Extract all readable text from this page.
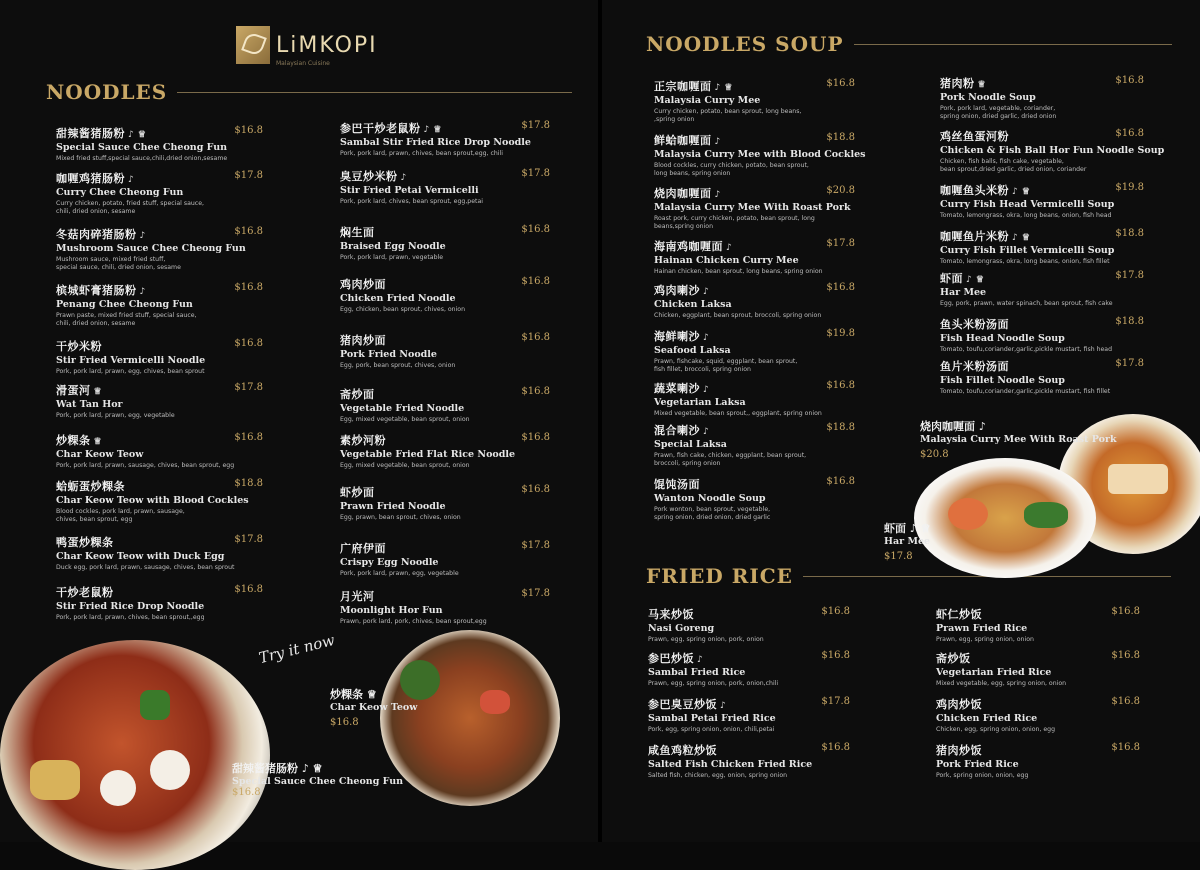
LiMKOPI
Malaysian Cuisine
NOODLES
NOODLES SOUP
FRIED RICE
Try it now
甜辣酱猪肠粉 ♪ ♕
Special Sauce Chee Cheong Fun
$16.8
炒粿条 ♕
Char Keow Teow
$16.8
烧肉咖喱面 ♪
Malaysia Curry Mee With Roast Pork
$20.8
虾面 ♪ ♕
Har Mee
$17.8
甜辣酱猪肠粉 ♪ ♕
Special Sauce Chee Cheong Fun
Mixed fried stuff,special sauce,chili,dried onion,sesame
$16.8
咖喱鸡猪肠粉 ♪
Curry Chee Cheong Fun
Curry chicken, potato, fried stuff, special sauce,
chili, dried onion, sesame
$17.8
冬菇肉碎猪肠粉 ♪
Mushroom Sauce Chee Cheong Fun
Mushroom sauce, mixed fried stuff,
special sauce, chili, dried onion, sesame
$16.8
槟城虾膏猪肠粉 ♪
Penang Chee Cheong Fun
Prawn paste, mixed fried stuff, special sauce,
chili, dried onion, sesame
$16.8
干炒米粉
Stir Fried Vermicelli Noodle
Pork, pork lard, prawn, egg, chives, bean sprout
$16.8
滑蛋河 ♕
Wat Tan Hor
Pork, pork lard, prawn, egg, vegetable
$17.8
炒粿条 ♕
Char Keow Teow
Pork, pork lard, prawn, sausage, chives, bean sprout, egg
$16.8
蛤蛎蛋炒粿条
Char Keow Teow with Blood Cockles
Blood cockles, pork lard, prawn, sausage,
chives, bean sprout, egg
$18.8
鸭蛋炒粿条
Char Keow Teow with Duck Egg
Duck egg, pork lard, prawn, sausage, chives, bean sprout
$17.8
干炒老鼠粉
Stir Fried Rice Drop Noodle
Pork, pork lard, prawn, chives, bean sprout,,egg
$16.8
参巴干炒老鼠粉 ♪ ♕
Sambal Stir Fried Rice Drop Noodle
Pork, pork lard, prawn, chives, bean sprout,egg, chili
$17.8
臭豆炒米粉 ♪
Stir Fried Petai Vermicelli
Pork, pork lard, chives, bean sprout, egg,petai
$17.8
焖生面
Braised Egg Noodle
Pork, pork lard, prawn, vegetable
$16.8
鸡肉炒面
Chicken Fried Noodle
Egg, chicken, bean sprout, chives, onion
$16.8
猪肉炒面
Pork Fried Noodle
Egg, pork, bean sprout, chives, onion
$16.8
斋炒面
Vegetable Fried Noodle
Egg, mixed vegetable, bean sprout, onion
$16.8
素炒河粉
Vegetable Fried Flat Rice Noodle
Egg, mixed vegetable, bean sprout, onion
$16.8
虾炒面
Prawn Fried Noodle
Egg, prawn, bean sprout, chives, onion
$16.8
广府伊面
Crispy Egg Noodle
Pork, pork lard, prawn, egg, vegetable
$17.8
月光河
Moonlight Hor Fun
Prawn, pork lard, pork, chives, bean sprout,egg
$17.8
正宗咖喱面 ♪ ♕
Malaysia Curry Mee
Curry chicken, potato, bean sprout, long beans,
,spring onion
$16.8
鲜蛤咖喱面 ♪
Malaysia Curry Mee with Blood Cockles
Blood cockles, curry chicken, potato, bean sprout,
long beans, spring onion
$18.8
烧肉咖喱面 ♪
Malaysia Curry Mee With Roast Pork
Roast pork, curry chicken, potato, bean sprout, long
beans,spring onion
$20.8
海南鸡咖喱面 ♪
Hainan Chicken Curry Mee
Hainan chicken, bean sprout, long beans, spring onion
$17.8
鸡肉喇沙 ♪
Chicken Laksa
Chicken, eggplant, bean sprout, broccoli, spring onion
$16.8
海鲜喇沙 ♪
Seafood Laksa
Prawn, fishcake, squid, eggplant, bean sprout,
fish fillet, broccoli, spring onion
$19.8
蔬菜喇沙 ♪
Vegetarian Laksa
Mixed vegetable, bean sprout,, eggplant, spring onion
$16.8
混合喇沙 ♪
Special Laksa
Prawn, fish cake, chicken, eggplant, bean sprout,
broccoli, spring onion
$18.8
馄饨汤面
Wanton Noodle Soup
Pork wonton, bean sprout, vegetable,
spring onion, dried onion, dried garlic
$16.8
猪肉粉 ♕
Pork Noodle Soup
Pork, pork lard, vegetable, coriander,
spring onion, dried garlic, dried onion
$16.8
鸡丝鱼蛋河粉
Chicken & Fish Ball Hor Fun Noodle Soup
Chicken, fish balls, fish cake, vegetable,
bean sprout,dried garlic, dried onion, coriander
$16.8
咖喱鱼头米粉 ♪ ♕
Curry Fish Head Vermicelli Soup
Tomato, lemongrass, okra, long beans, onion, fish head
$19.8
咖喱鱼片米粉 ♪ ♕
Curry Fish Fillet Vermicelli Soup
Tomato, lemongrass, okra, long beans, onion, fish fillet
$18.8
虾面 ♪ ♕
Har Mee
Egg, pork, prawn, water spinach, bean sprout, fish cake
$17.8
鱼头米粉汤面
Fish Head Noodle Soup
Tomato, toufu,coriander,garlic,pickle mustart, fish head
$18.8
鱼片米粉汤面
Fish Fillet Noodle Soup
Tomato, toufu,coriander,garlic,pickle mustart, fish fillet
$17.8
马来炒饭
Nasi Goreng
Prawn, egg, spring onion, pork, onion
$16.8
参巴炒饭 ♪
Sambal Fried Rice
Prawn, egg, spring onion, pork, onion,chili
$16.8
参巴臭豆炒饭 ♪
Sambal Petai Fried Rice
Pork, egg, spring onion, onion, chili,petai
$17.8
咸鱼鸡粒炒饭
Salted Fish Chicken Fried Rice
Salted fish, chicken, egg, onion, spring onion
$16.8
虾仁炒饭
Prawn Fried Rice
Prawn, egg, spring onion, onion
$16.8
斋炒饭
Vegetarian Fried Rice
Mixed vegetable, egg, spring onion, onion
$16.8
鸡肉炒饭
Chicken Fried Rice
Chicken, egg, spring onion, onion, egg
$16.8
猪肉炒饭
Pork Fried Rice
Pork, spring onion, onion, egg
$16.8
